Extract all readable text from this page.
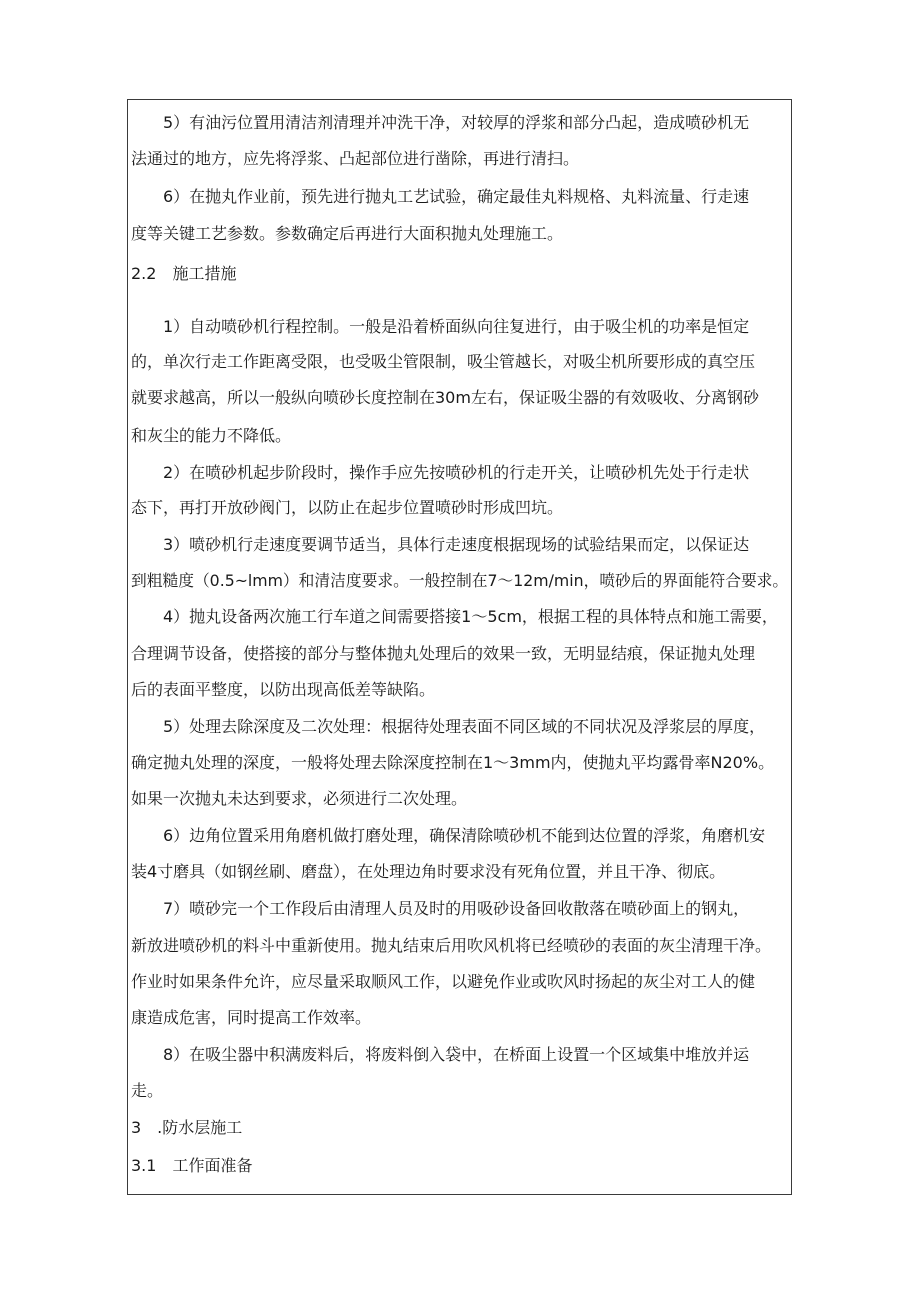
5）有油污位置用清洁剂清理并冲洗干净，对较厚的浮浆和部分凸起，造成喷砂机无
法通过的地方，应先将浮浆、凸起部位进行凿除，再进行清扫。
6）在抛丸作业前，预先进行抛丸工艺试验，确定最佳丸料规格、丸料流量、行走速
度等关键工艺参数。参数确定后再进行大面积抛丸处理施工。
2.2　施工措施
1）自动喷砂机行程控制。一般是沿着桥面纵向往复进行，由于吸尘机的功率是恒定
的，单次行走工作距离受限，也受吸尘管限制，吸尘管越长，对吸尘机所要形成的真空压
就要求越高，所以一般纵向喷砂长度控制在30m左右，保证吸尘器的有效吸收、分离钢砂
和灰尘的能力不降低。
2）在喷砂机起步阶段时，操作手应先按喷砂机的行走开关，让喷砂机先处于行走状
态下，再打开放砂阀门，以防止在起步位置喷砂时形成凹坑。
3）喷砂机行走速度要调节适当，具体行走速度根据现场的试验结果而定，以保证达
到粗糙度（0.5~lmm）和清洁度要求。一般控制在7～12m∕min，喷砂后的界面能符合要求。
4）抛丸设备两次施工行车道之间需要搭接1～5cm，根据工程的具体特点和施工需要，
合理调节设备，使搭接的部分与整体抛丸处理后的效果一致，无明显结痕，保证抛丸处理
后的表面平整度，以防出现高低差等缺陷。
5）处理去除深度及二次处理：根据待处理表面不同区域的不同状况及浮浆层的厚度，
确定抛丸处理的深度，一般将处理去除深度控制在1～3mm内，使抛丸平均露骨率N20%。
如果一次抛丸未达到要求，必须进行二次处理。
6）边角位置采用角磨机做打磨处理，确保清除喷砂机不能到达位置的浮浆，角磨机安
装4寸磨具（如钢丝刷、磨盘），在处理边角时要求没有死角位置，并且干净、彻底。
7）喷砂完一个工作段后由清理人员及时的用吸砂设备回收散落在喷砂面上的钢丸，
新放进喷砂机的料斗中重新使用。抛丸结束后用吹风机将已经喷砂的表面的灰尘清理干净。
作业时如果条件允许，应尽量采取顺风工作，以避免作业或吹风时扬起的灰尘对工人的健
康造成危害，同时提高工作效率。
8）在吸尘器中积满废料后，将废料倒入袋中，在桥面上设置一个区域集中堆放并运
走。
3　.防水层施工
3.1　工作面准备
